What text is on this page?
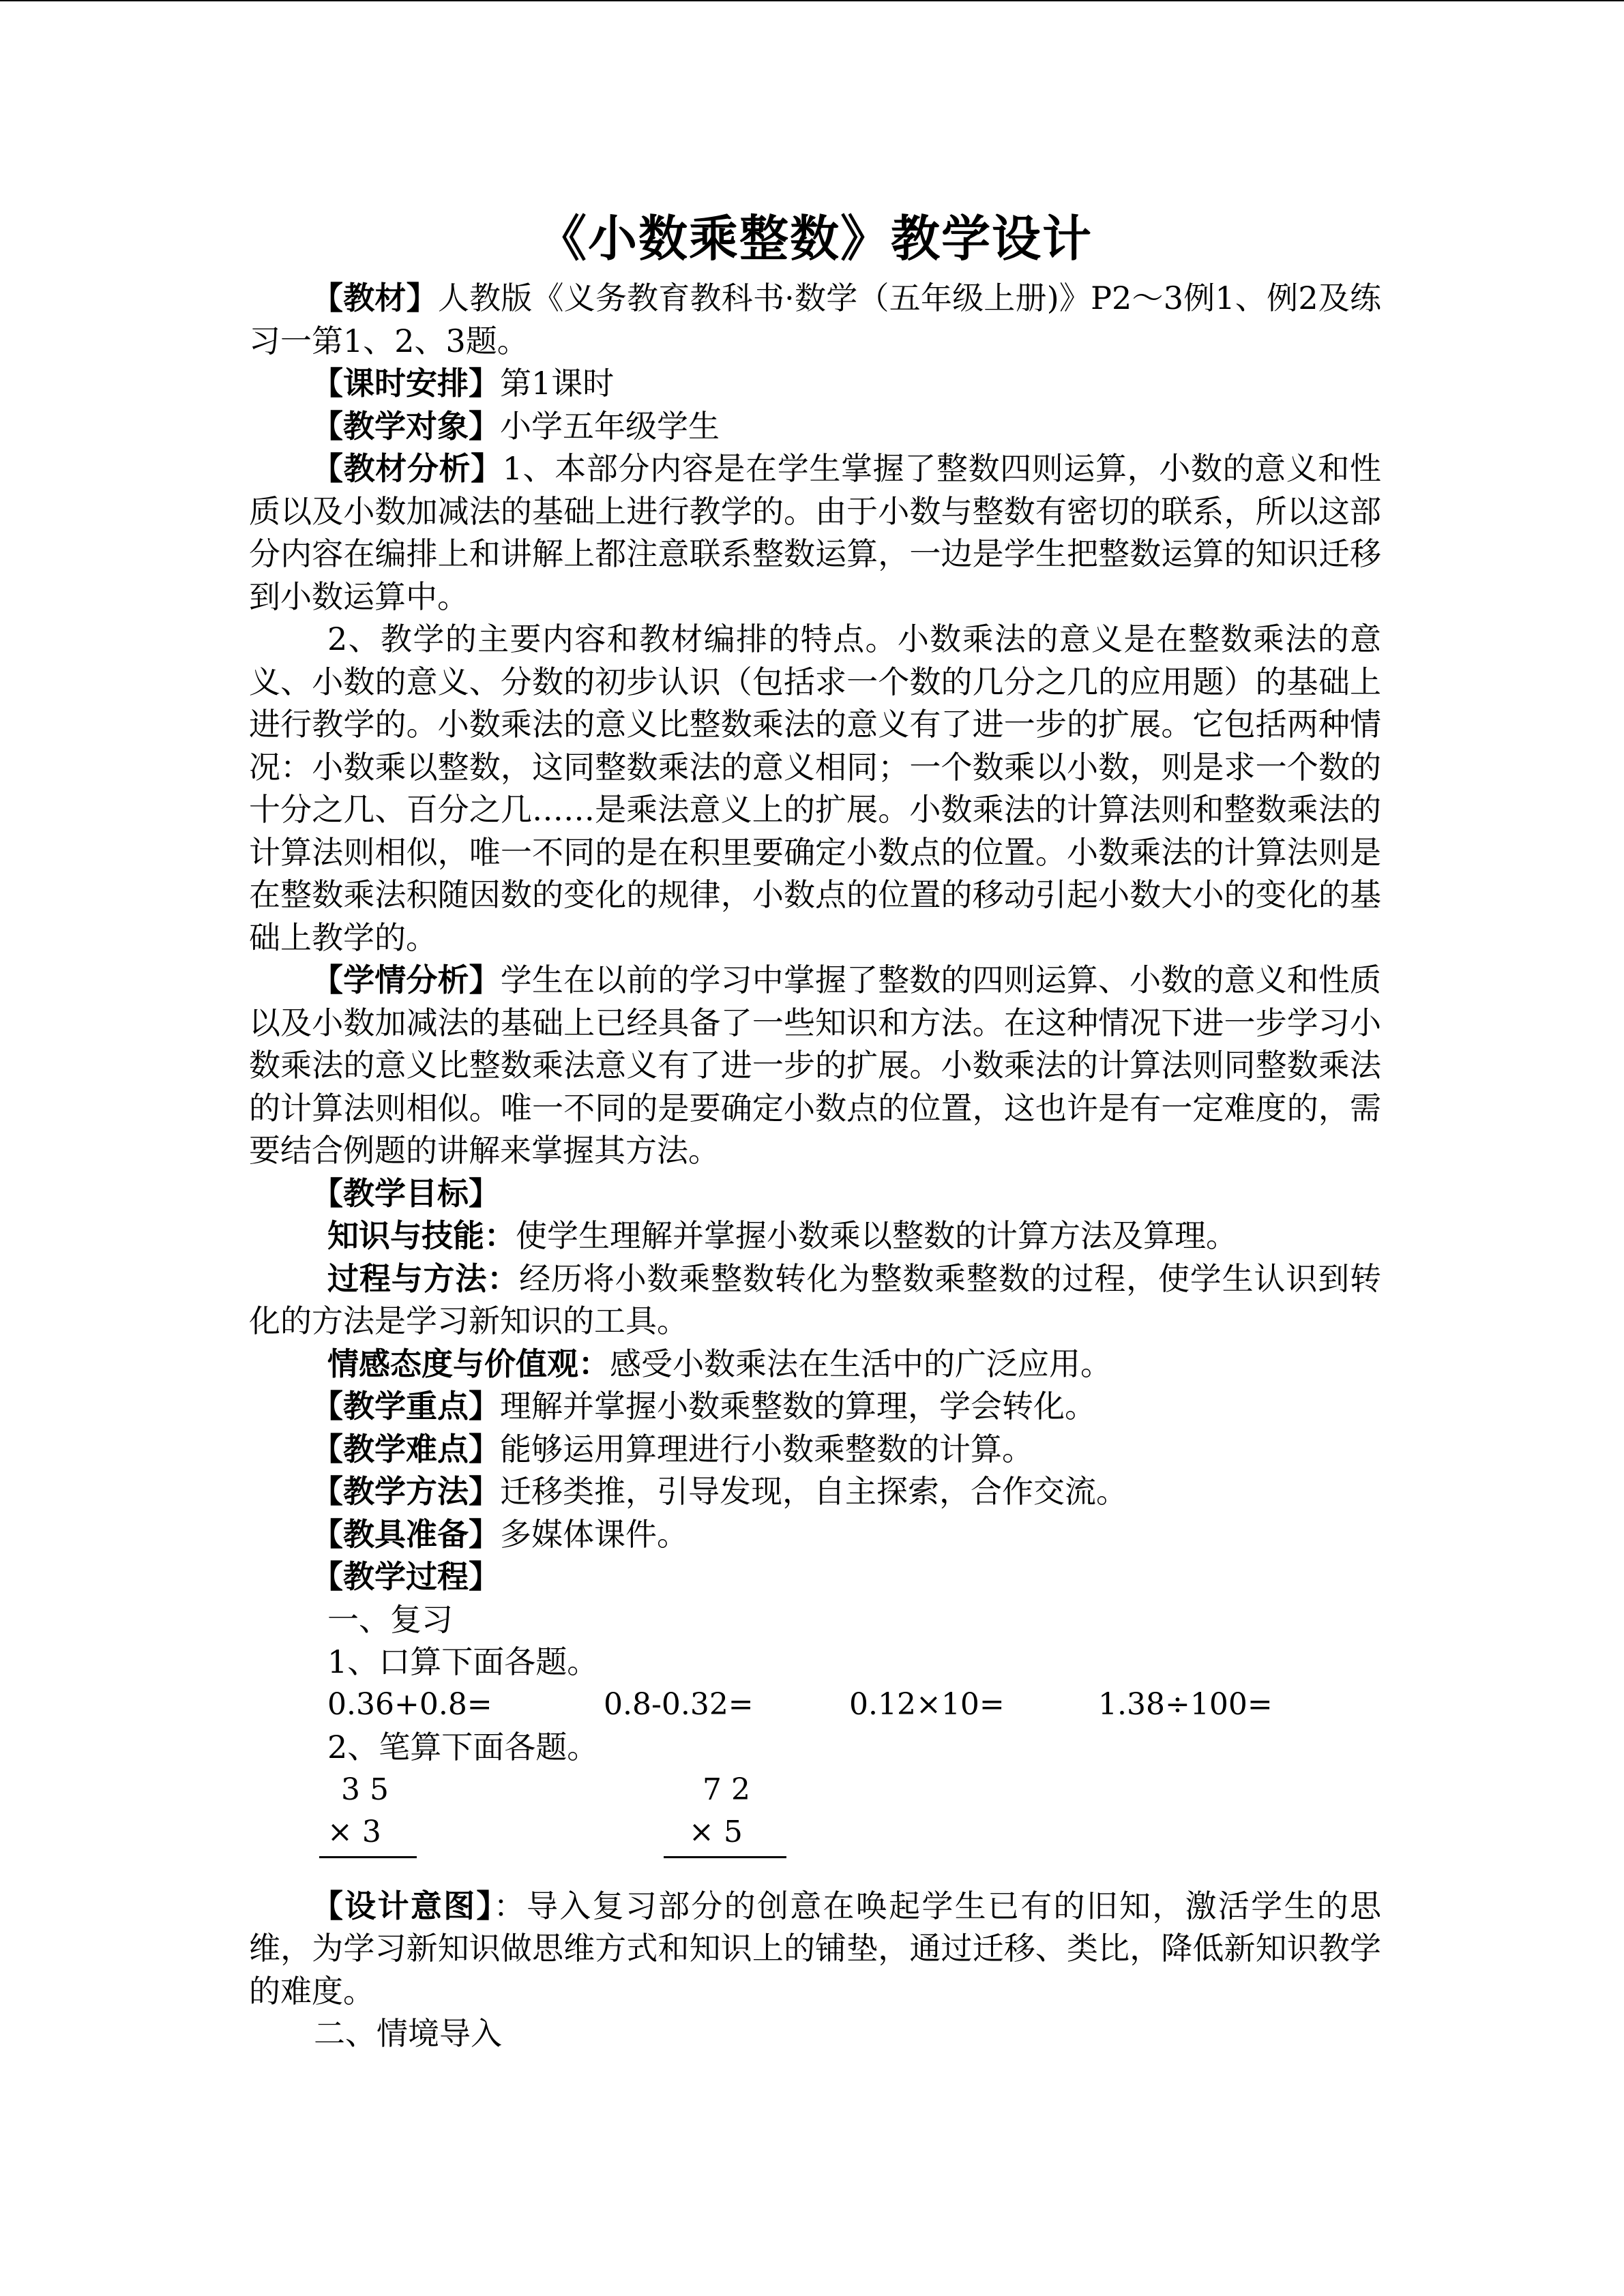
《小数乘整数》教学设计

【教材】人教版《义务教育教科书·数学（五年级上册)》P2～3例1、例2及练习一第1、2、3题。

【课时安排】第1课时

【教学对象】小学五年级学生

【教材分析】1、本部分内容是在学生掌握了整数四则运算，小数的意义和性质以及小数加减法的基础上进行教学的。由于小数与整数有密切的联系，所以这部分内容在编排上和讲解上都注意联系整数运算，一边是学生把整数运算的知识迁移到小数运算中。

2、教学的主要内容和教材编排的特点。小数乘法的意义是在整数乘法的意义、小数的意义、分数的初步认识（包括求一个数的几分之几的应用题）的基础上进行教学的。小数乘法的意义比整数乘法的意义有了进一步的扩展。它包括两种情况：小数乘以整数，这同整数乘法的意义相同；一个数乘以小数，则是求一个数的十分之几、百分之几……是乘法意义上的扩展。小数乘法的计算法则和整数乘法的计算法则相似，唯一不同的是在积里要确定小数点的位置。小数乘法的计算法则是在整数乘法积随因数的变化的规律，小数点的位置的移动引起小数大小的变化的基础上教学的。

【学情分析】学生在以前的学习中掌握了整数的四则运算、小数的意义和性质以及小数加减法的基础上已经具备了一些知识和方法。在这种情况下进一步学习小数乘法的意义比整数乘法意义有了进一步的扩展。小数乘法的计算法则同整数乘法的计算法则相似。唯一不同的是要确定小数点的位置，这也许是有一定难度的，需要结合例题的讲解来掌握其方法。

【教学目标】

知识与技能：使学生理解并掌握小数乘以整数的计算方法及算理。

过程与方法：经历将小数乘整数转化为整数乘整数的过程，使学生认识到转化的方法是学习新知识的工具。

情感态度与价值观：感受小数乘法在生活中的广泛应用。

【教学重点】理解并掌握小数乘整数的算理，学会转化。

【教学难点】能够运用算理进行小数乘整数的计算。

【教学方法】迁移类推，引导发现，自主探索，合作交流。

【教具准备】多媒体课件。

【教学过程】

一、复习

1、口算下面各题。

0.36+0.8=	0.8-0.32=	0.12×10=	1.38÷100=

2、笔算下面各题。

3 5
× 3
7 2
× 5

【设计意图】：导入复习部分的创意在唤起学生已有的旧知，激活学生的思维，为学习新知识做思维方式和知识上的铺垫，通过迁移、类比，降低新知识教学的难度。

二、情境导入
